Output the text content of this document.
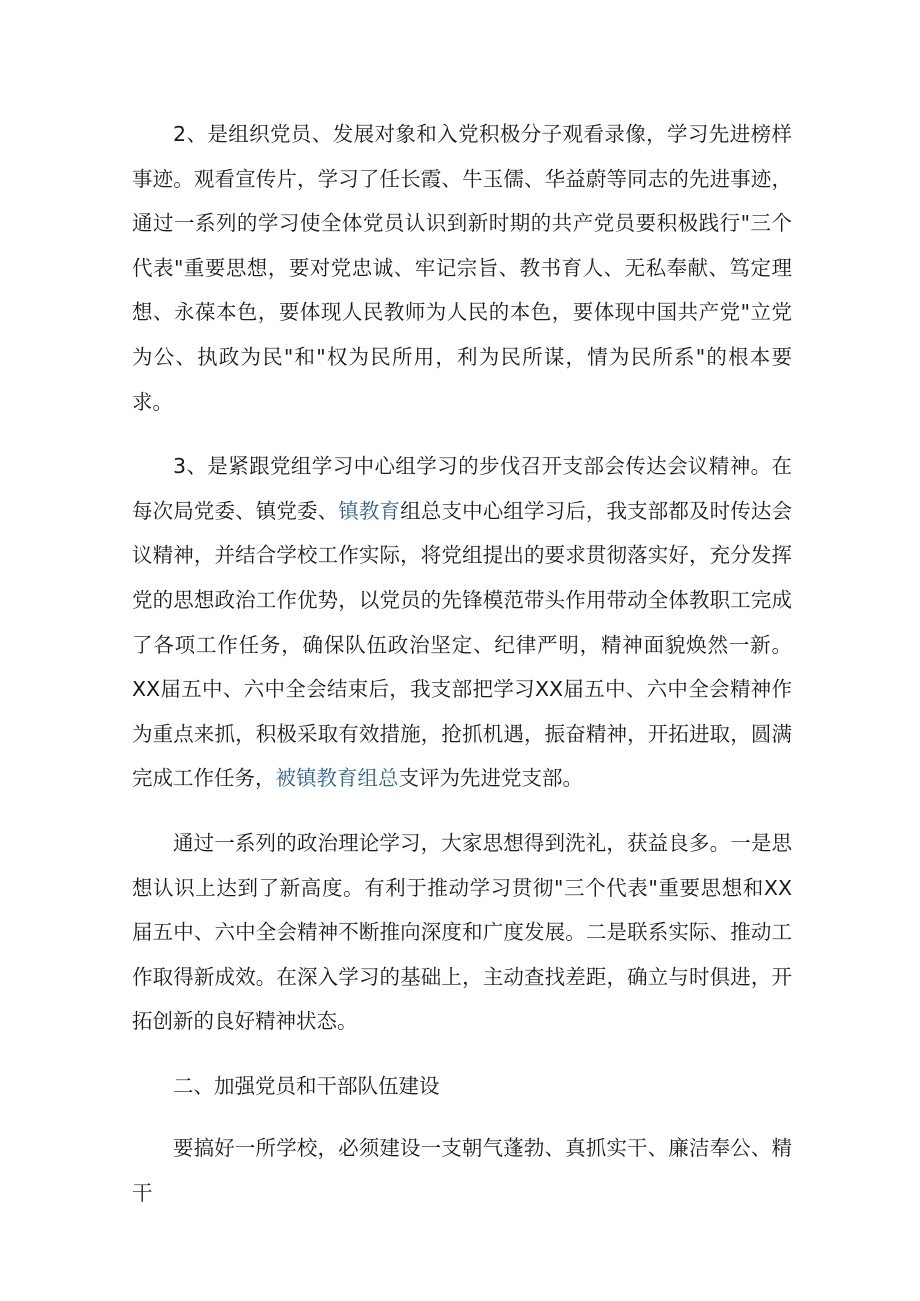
2、是组织党员、发展对象和入党积极分子观看录像，学习先进榜样事迹。观看宣传片，学习了任长霞、牛玉儒、华益蔚等同志的先进事迹，通过一系列的学习使全体党员认识到新时期的共产党员要积极践行"三个代表"重要思想，要对党忠诚、牢记宗旨、教书育人、无私奉献、笃定理想、永葆本色，要体现人民教师为人民的本色，要体现中国共产党"立党为公、执政为民"和"权为民所用，利为民所谋，情为民所系"的根本要求。

3、是紧跟党组学习中心组学习的步伐召开支部会传达会议精神。在每次局党委、镇党委、镇教育组总支中心组学习后，我支部都及时传达会议精神，并结合学校工作实际，将党组提出的要求贯彻落实好，充分发挥党的思想政治工作优势，以党员的先锋模范带头作用带动全体教职工完成了各项工作任务，确保队伍政治坚定、纪律严明，精神面貌焕然一新。XX届五中、六中全会结束后，我支部把学习XX届五中、六中全会精神作为重点来抓，积极采取有效措施，抢抓机遇，振奋精神，开拓进取，圆满完成工作任务，被镇教育组总支评为先进党支部。

通过一系列的政治理论学习，大家思想得到洗礼，获益良多。一是思想认识上达到了新高度。有利于推动学习贯彻"三个代表"重要思想和XX届五中、六中全会精神不断推向深度和广度发展。二是联系实际、推动工作取得新成效。在深入学习的基础上，主动查找差距，确立与时俱进，开拓创新的良好精神状态。

二、加强党员和干部队伍建设

要搞好一所学校，必须建设一支朝气蓬勃、真抓实干、廉洁奉公、精干
